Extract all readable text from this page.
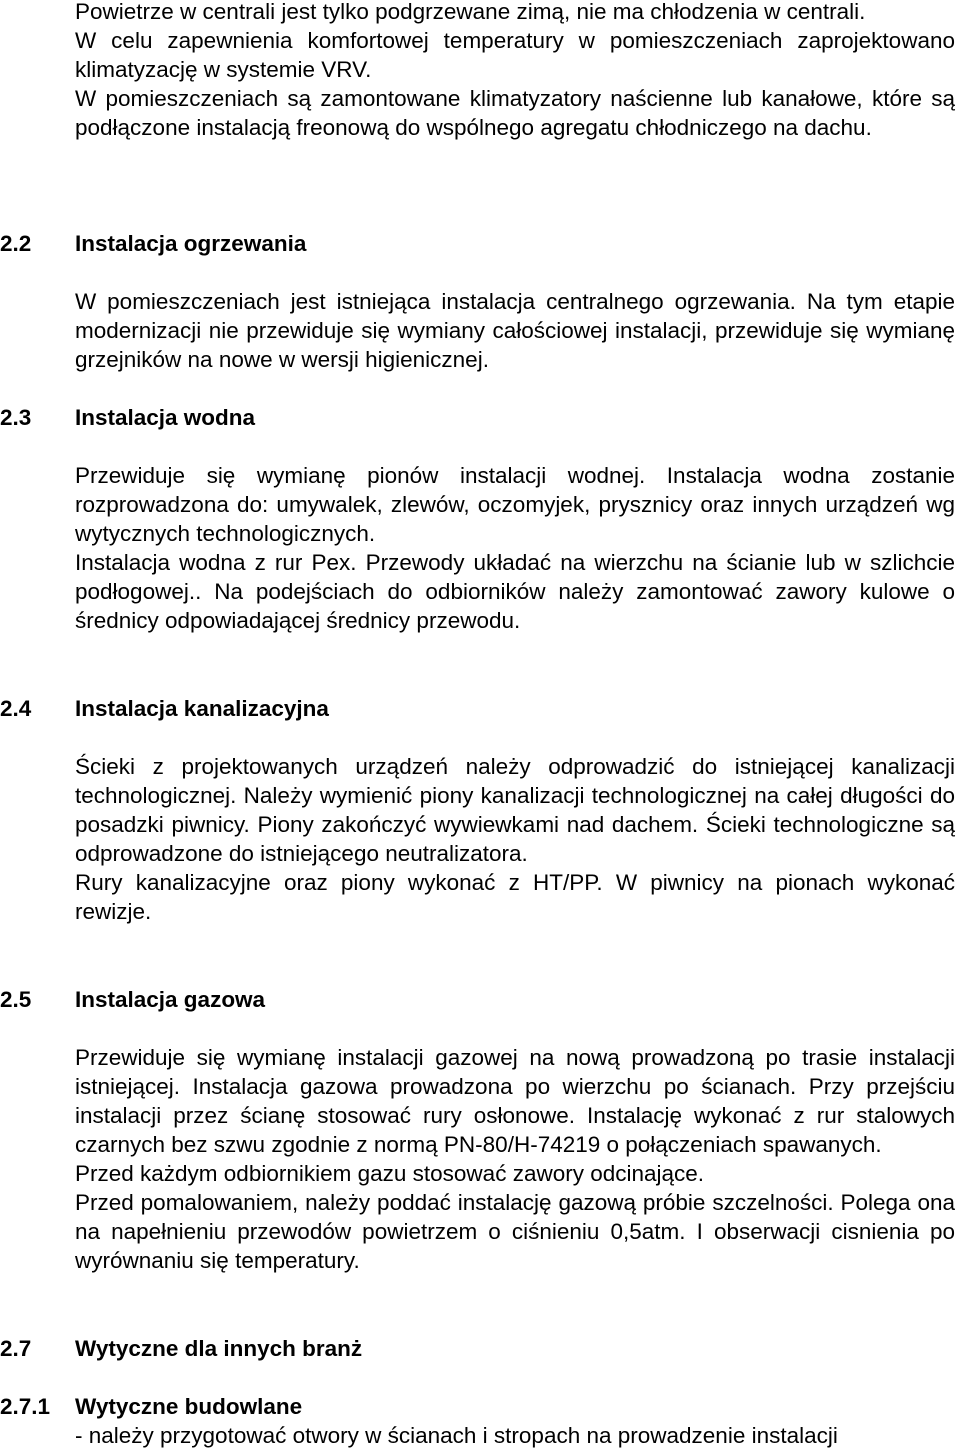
Powietrze w centrali jest tylko podgrzewane zimą, nie ma chłodzenia w centrali.

W celu zapewnienia komfortowej temperatury w pomieszczeniach zaprojektowano klimatyzację w systemie VRV.

W pomieszczeniach są zamontowane klimatyzatory naścienne lub kanałowe, które są podłączone instalacją freonową do wspólnego agregatu chłodniczego na dachu.

2.2 Instalacja ogrzewania

W pomieszczeniach jest istniejąca instalacja centralnego ogrzewania. Na tym etapie modernizacji nie przewiduje się wymiany całościowej instalacji, przewiduje się wymianę grzejników na nowe w wersji higienicznej.

2.3 Instalacja wodna

Przewiduje się wymianę pionów instalacji wodnej. Instalacja wodna zostanie rozprowadzona do: umywalek, zlewów, oczomyjek, prysznicy oraz innych urządzeń wg wytycznych technologicznych.

Instalacja wodna z rur Pex. Przewody układać na wierzchu na ścianie lub w szlichcie podłogowej.. Na podejściach do odbiorników należy zamontować zawory kulowe o średnicy odpowiadającej średnicy przewodu.

2.4 Instalacja kanalizacyjna

Ścieki z projektowanych urządzeń należy odprowadzić do istniejącej kanalizacji technologicznej. Należy wymienić piony kanalizacji technologicznej na całej długości do posadzki piwnicy. Piony zakończyć wywiewkami nad dachem. Ścieki technologiczne są odprowadzone do istniejącego neutralizatora.

Rury kanalizacyjne oraz piony wykonać z HT/PP. W piwnicy na pionach wykonać rewizje.

2.5 Instalacja gazowa

Przewiduje się wymianę instalacji gazowej na nową prowadzoną po trasie instalacji istniejącej. Instalacja gazowa prowadzona po wierzchu po ścianach. Przy przejściu instalacji przez ścianę stosować rury osłonowe. Instalację wykonać z rur stalowych czarnych bez szwu zgodnie z normą PN-80/H-74219 o połączeniach spawanych.

Przed każdym odbiornikiem gazu stosować zawory odcinające.

Przed pomalowaniem, należy poddać instalację gazową próbie szczelności. Polega ona na napełnieniu przewodów powietrzem o ciśnieniu 0,5atm. I obserwacji cisnienia po wyrównaniu się temperatury.

2.7 Wytyczne dla innych branż
2.7.1 Wytyczne budowlane

- należy przygotować otwory w ścianach i stropach na prowadzenie instalacji
